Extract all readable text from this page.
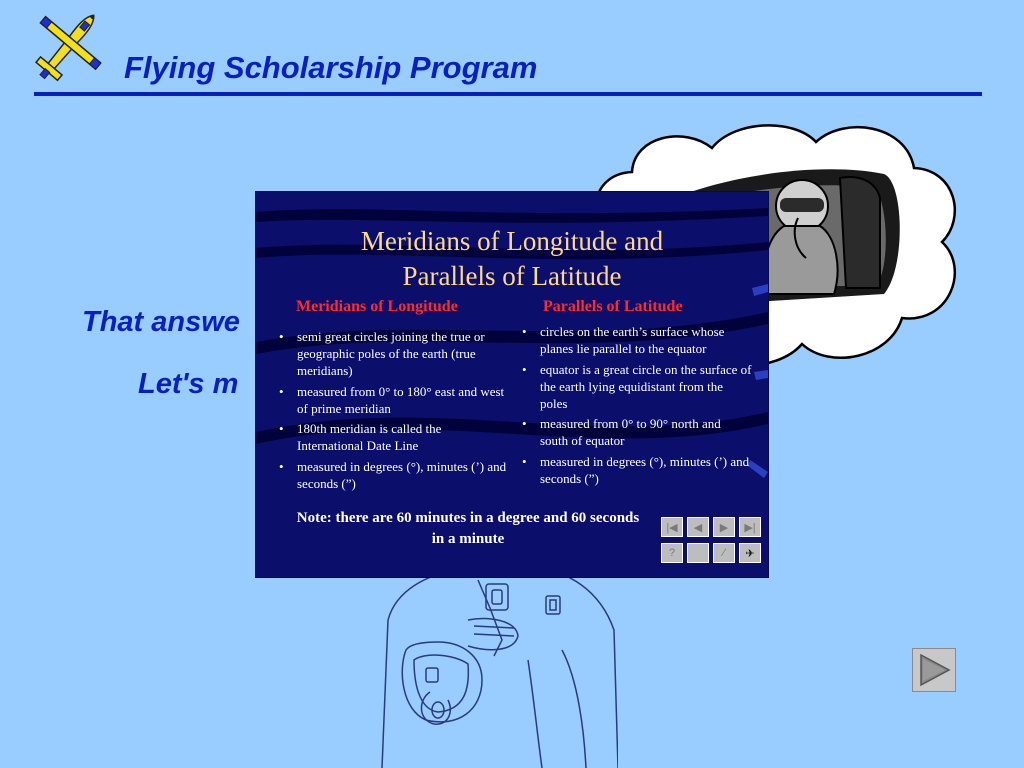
Flying Scholarship Program
That answe
Let's m
Meridians of Longitude and
Parallels of Latitude
Meridians of Longitude	Parallels of Latitude
• semi great circles joining the true or geographic poles of the earth (true meridians)
• measured from 0° to 180° east and west of prime meridian
• 180th meridian is called the International Date Line
• measured in degrees (°), minutes (’) and seconds (”)
• circles on the earth’s surface whose planes lie parallel to the equator
• equator is a great circle on the surface of the earth lying equidistant from the poles
• measured from 0° to 90° north and south of equator
• measured in degrees (°), minutes (’) and seconds (”)
Note: there are 60 minutes in a degree and 60 seconds in a minute
|◀ ◀ ▶ ▶|
?	⁄ ✈
